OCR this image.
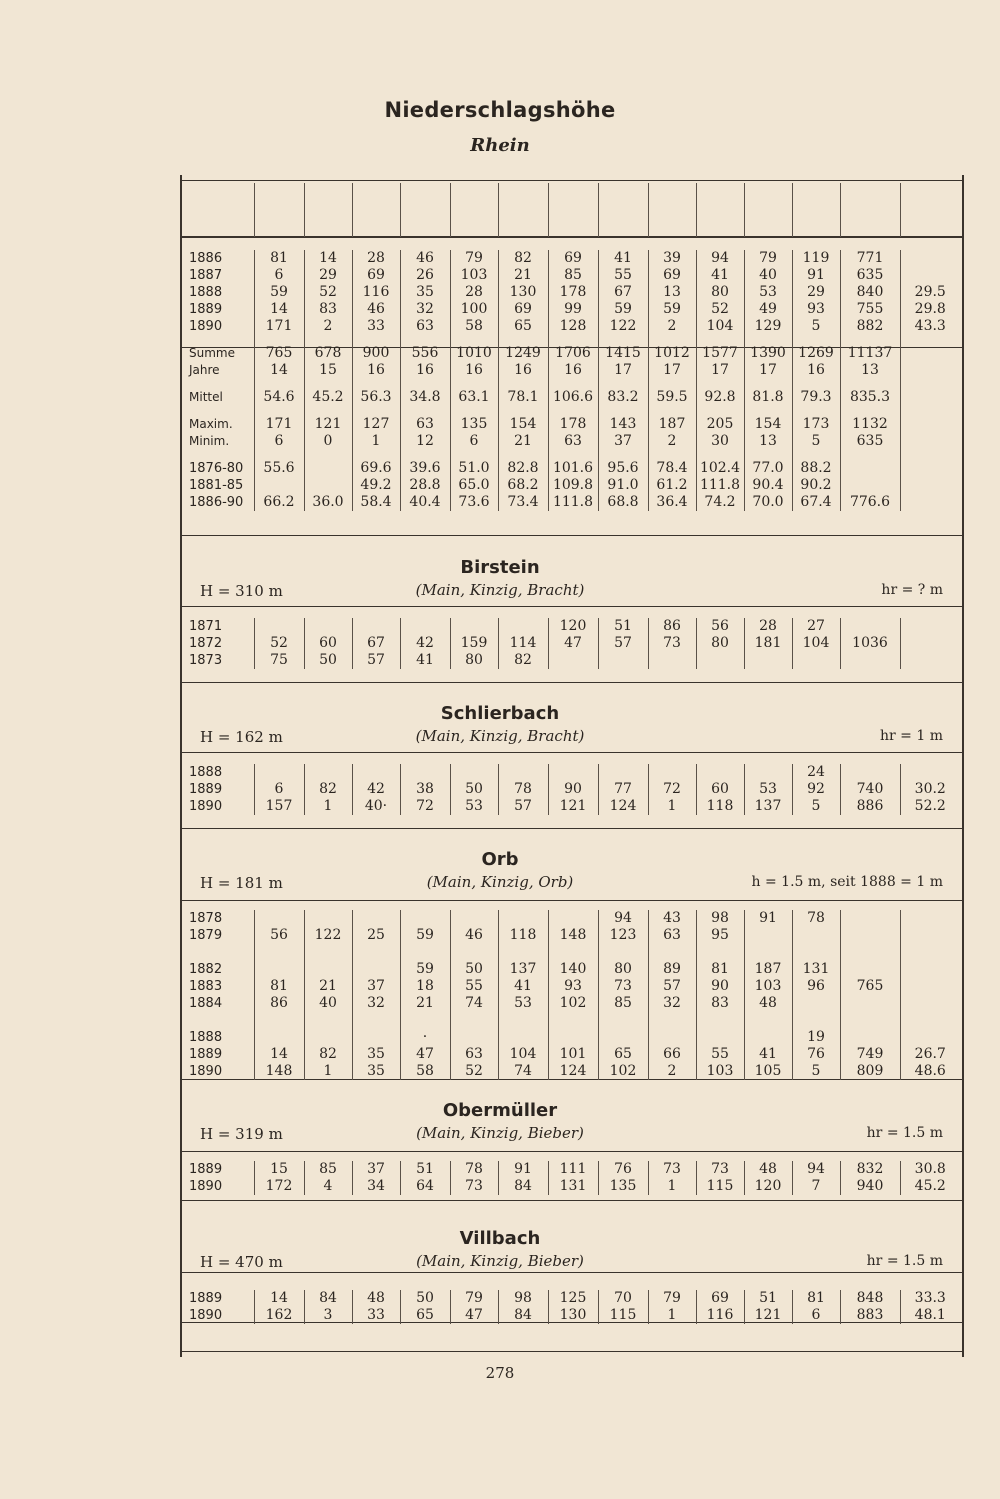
Niederschlagshöhe
Rhein

1886	81	14	28	46	79	82	69	41	39	94	79	119	771	
1887	6	29	69	26	103	21	85	55	69	41	40	91	635	
1888	59	52	116	35	28	130	178	67	13	80	53	29	840	29.5
1889	14	83	46	32	100	69	99	59	59	52	49	93	755	29.8
1890	171	2	33	63	58	65	128	122	2	104	129	5	882	43.3

Summe	765	678	900	556	1010	1249	1706	1415	1012	1577	1390	1269	11137	
Jahre	14	15	16	16	16	16	16	17	17	17	17	16	13	

Mittel	54.6	45.2	56.3	34.8	63.1	78.1	106.6	83.2	59.5	92.8	81.8	79.3	835.3	

Maxim.	171	121	127	63	135	154	178	143	187	205	154	173	1132	
Minim.	6	0	1	12	6	21	63	37	2	30	13	5	635	

1876-80	55.6		69.6	39.6	51.0	82.8	101.6	95.6	78.4	102.4	77.0	88.2		
1881-85			49.2	28.8	65.0	68.2	109.8	91.0	61.2	111.8	90.4	90.2		
1886-90	66.2	36.0	58.4	40.4	73.6	73.4	111.8	68.8	36.4	74.2	70.0	67.4	776.6	
Birstein
(Main, Kinzig, Bracht)
H = 310 m	hr = ? m
1871							120	51	86	56	28	27		
1872	52	60	67	42	159	114	47	57	73	80	181	104	1036	
1873	75	50	57	41	80	82								
Schlierbach
(Main, Kinzig, Bracht)
H = 162 m	hr = 1 m
1888												24		
1889	6	82	42	38	50	78	90	77	72	60	53	92	740	30.2
1890	157	1	40·	72	53	57	121	124	1	118	137	5	886	52.2
Orb
(Main, Kinzig, Orb)
H = 181 m	h = 1.5 m, seit 1888 = 1 m
1878								94	43	98	91	78		
1879	56	122	25	59	46	118	148	123	63	95				

1882				59	50	137	140	80	89	81	187	131		
1883	81	21	37	18	55	41	93	73	57	90	103	96	765	
1884	86	40	32	21	74	53	102	85	32	83	48			

1888				·								19		
1889	14	82	35	47	63	104	101	65	66	55	41	76	749	26.7
1890	148	1	35	58	52	74	124	102	2	103	105	5	809	48.6
Obermüller
(Main, Kinzig, Bieber)
H = 319 m	hr = 1.5 m
1889	15	85	37	51	78	91	111	76	73	73	48	94	832	30.8
1890	172	4	34	64	73	84	131	135	1	115	120	7	940	45.2
Villbach
(Main, Kinzig, Bieber)
H = 470 m	hr = 1.5 m
1889	14	84	48	50	79	98	125	70	79	69	51	81	848	33.3
1890	162	3	33	65	47	84	130	115	1	116	121	6	883	48.1
278
